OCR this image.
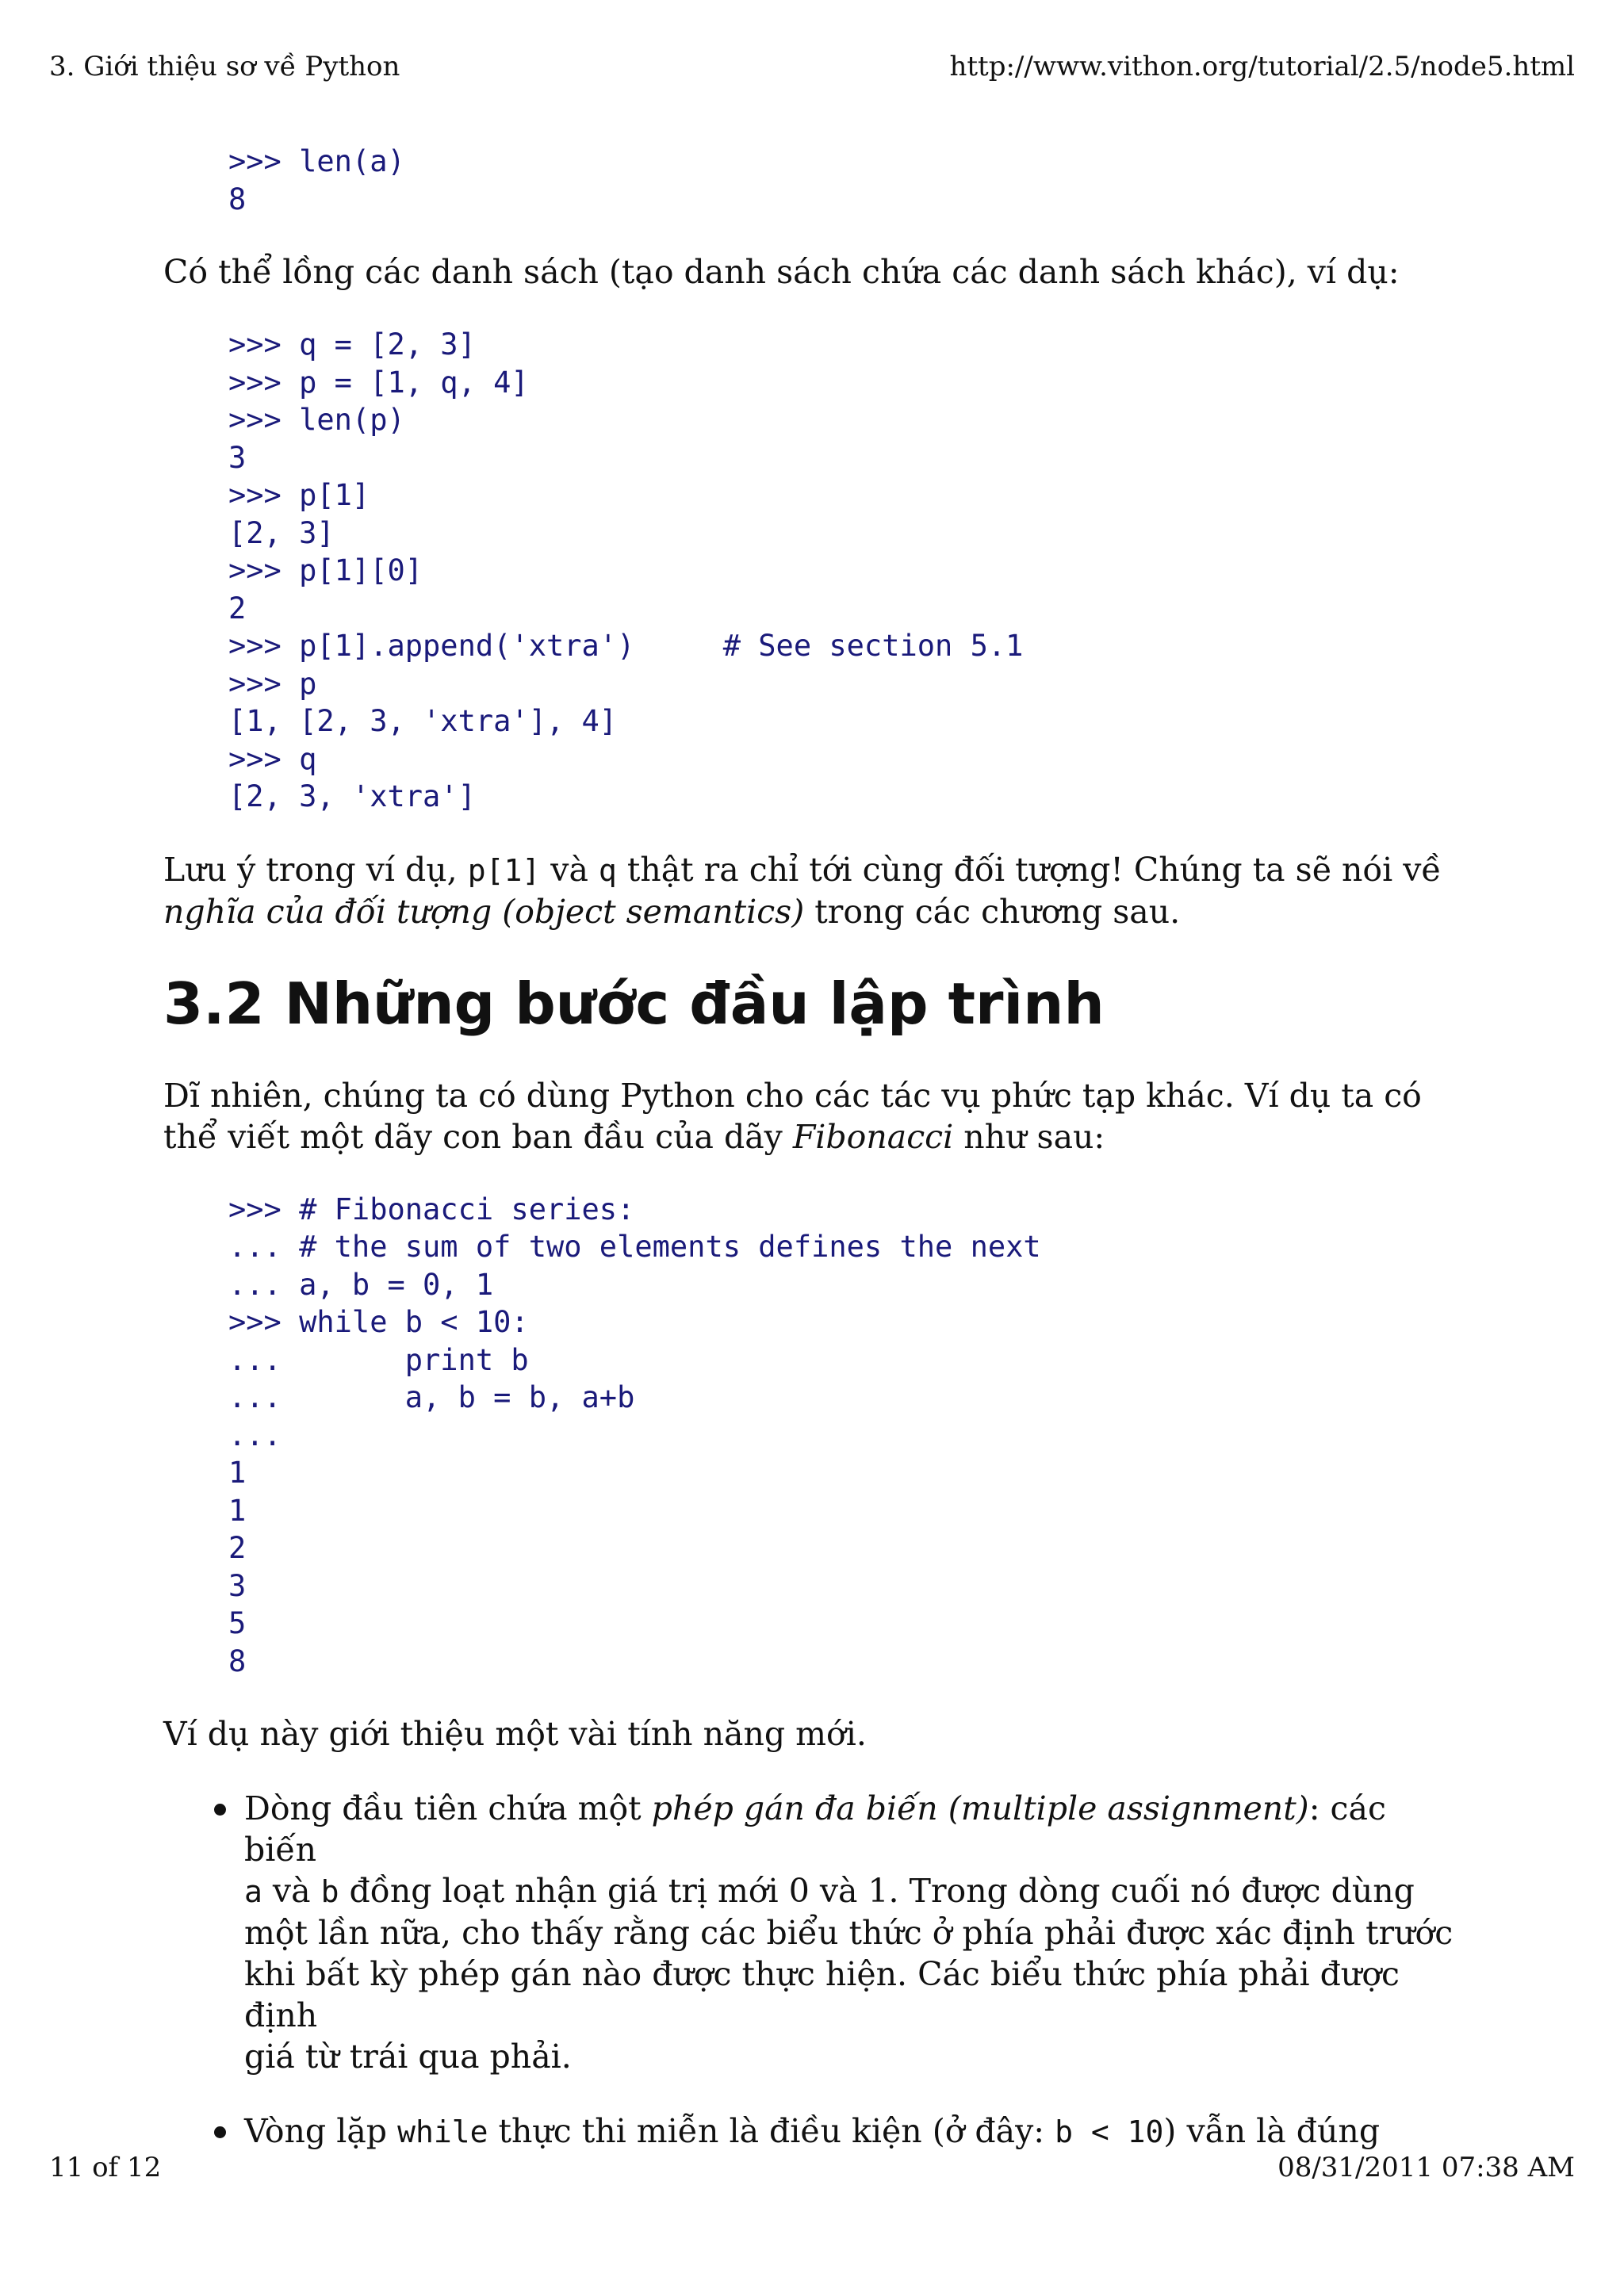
3. Giới thiệu sơ về Python	http://www.vithon.org/tutorial/2.5/node5.html
>>> len(a)
8

Có thể lồng các danh sách (tạo danh sách chứa các danh sách khác), ví dụ:

>>> q = [2, 3]
>>> p = [1, q, 4]
>>> len(p)
3
>>> p[1]
[2, 3]
>>> p[1][0]
2
>>> p[1].append('xtra')     # See section 5.1
>>> p
[1, [2, 3, 'xtra'], 4]
>>> q
[2, 3, 'xtra']

Lưu ý trong ví dụ, p[1] và q thật ra chỉ tới cùng đối tượng! Chúng ta sẽ nói về
nghĩa của đối tượng (object semantics) trong các chương sau.

3.2 Những bước đầu lập trình

Dĩ nhiên, chúng ta có dùng Python cho các tác vụ phức tạp khác. Ví dụ ta có
thể viết một dãy con ban đầu của dãy Fibonacci như sau:

>>> # Fibonacci series:
... # the sum of two elements defines the next
... a, b = 0, 1
>>> while b < 10:
...       print b
...       a, b = b, a+b
...
1
1
2
3
5
8

Ví dụ này giới thiệu một vài tính năng mới.

Dòng đầu tiên chứa một phép gán đa biến (multiple assignment): các biến
a và b đồng loạt nhận giá trị mới 0 và 1. Trong dòng cuối nó được dùng
một lần nữa, cho thấy rằng các biểu thức ở phía phải được xác định trước
khi bất kỳ phép gán nào được thực hiện. Các biểu thức phía phải được định
giá từ trái qua phải.

Vòng lặp while thực thi miễn là điều kiện (ở đây: b < 10) vẫn là đúng

11 of 12	08/31/2011 07:38 AM
